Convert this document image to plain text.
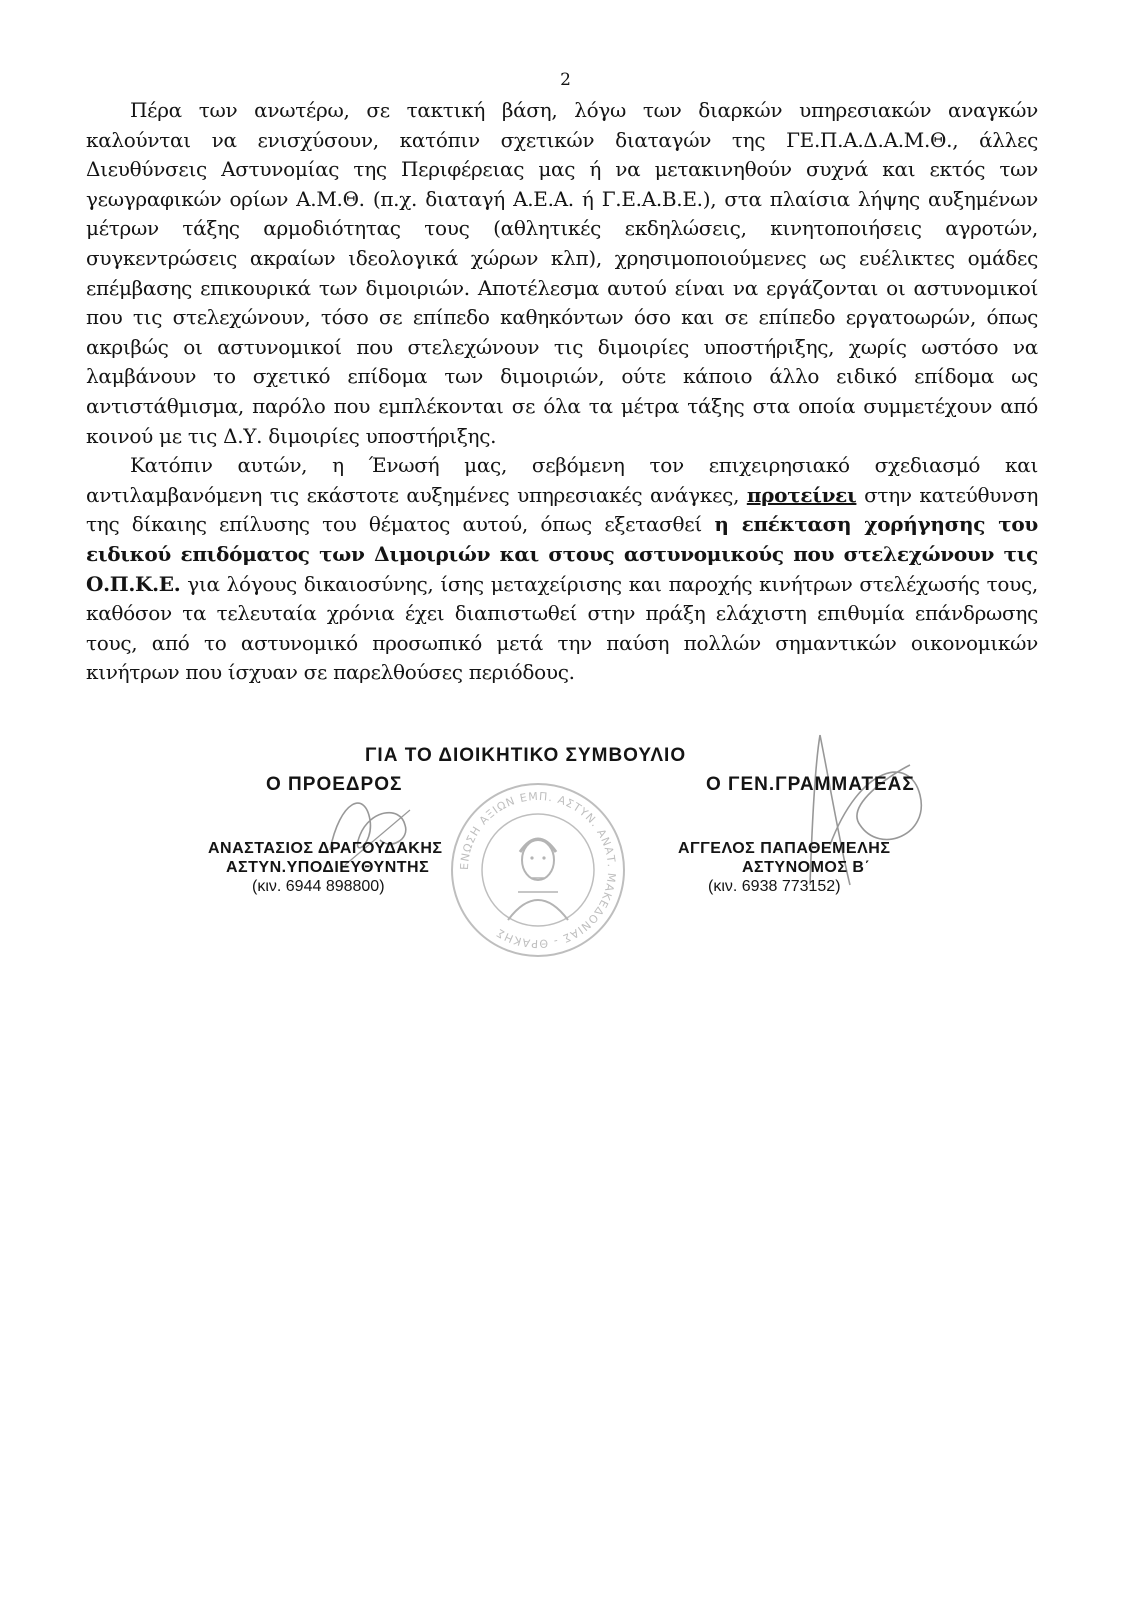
2

Πέρα των ανωτέρω, σε τακτική βάση, λόγω των διαρκών υπηρεσιακών αναγκών καλούνται να ενισχύσουν, κατόπιν σχετικών διαταγών της ΓΕ.Π.Α.Δ.Α.Μ.Θ., άλλες Διευθύνσεις Αστυνομίας της Περιφέρειας μας ή να μετακινηθούν συχνά και εκτός των γεωγραφικών ορίων Α.Μ.Θ. (π.χ. διαταγή Α.Ε.Α. ή Γ.Ε.Α.Β.Ε.), στα πλαίσια λήψης αυξημένων μέτρων τάξης αρμοδιότητας τους (αθλητικές εκδηλώσεις, κινητοποιήσεις αγροτών, συγκεντρώσεις ακραίων ιδεολογικά χώρων κλπ), χρησιμοποιούμενες ως ευέλικτες ομάδες επέμβασης επικουρικά των διμοιριών. Αποτέλεσμα αυτού είναι να εργάζονται οι αστυνομικοί που τις στελεχώνουν, τόσο σε επίπεδο καθηκόντων όσο και σε επίπεδο εργατοωρών, όπως ακριβώς οι αστυνομικοί που στελεχώνουν τις διμοιρίες υποστήριξης, χωρίς ωστόσο να λαμβάνουν το σχετικό επίδομα των διμοιριών, ούτε κάποιο άλλο ειδικό επίδομα ως αντιστάθμισμα, παρόλο που εμπλέκονται σε όλα τα μέτρα τάξης στα οποία συμμετέχουν από κοινού με τις Δ.Υ. διμοιρίες υποστήριξης.

Κατόπιν αυτών, η Ένωσή μας, σεβόμενη τον επιχειρησιακό σχεδιασμό και αντιλαμβανόμενη τις εκάστοτε αυξημένες υπηρεσιακές ανάγκες, προτείνει στην κατεύθυνση της δίκαιης επίλυσης του θέματος αυτού, όπως εξετασθεί η επέκταση χορήγησης του ειδικού επιδόματος των Διμοιριών και στους αστυνομικούς που στελεχώνουν τις Ο.Π.Κ.Ε. για λόγους δικαιοσύνης, ίσης μεταχείρισης και παροχής κινήτρων στελέχωσής τους, καθόσον τα τελευταία χρόνια έχει διαπιστωθεί στην πράξη ελάχιστη επιθυμία επάνδρωσης τους, από το αστυνομικό προσωπικό μετά την παύση πολλών σημαντικών οικονομικών κινήτρων που ίσχυαν σε παρελθούσες περιόδους.

ΕΝΩΣΗ ΑΞΙΩΝ ΕΜΠ. ΑΣΤΥΝ. ΑΝΑΤ. ΜΑΚΕΔΟΝΙΑΣ - ΘΡΑΚΗΣ
ΓΙΑ ΤΟ ΔΙΟΙΚΗΤΙΚΟ ΣΥΜΒΟΥΛΙΟ
Ο ΠΡΟΕΔΡΟΣ	Ο ΓΕΝ.ΓΡΑΜΜΑΤΕΑΣ
ΑΝΑΣΤΑΣΙΟΣ ΔΡΑΓΟΥΔΑΚΗΣ
ΑΣΤΥΝ.ΥΠΟΔΙΕΥΘΥΝΤΗΣ
(κιν. 6944 898800)
ΑΓΓΕΛΟΣ ΠΑΠΑΘΕΜΕΛΗΣ
ΑΣΤΥΝΟΜΟΣ Β΄
(κιν. 6938 773152)
